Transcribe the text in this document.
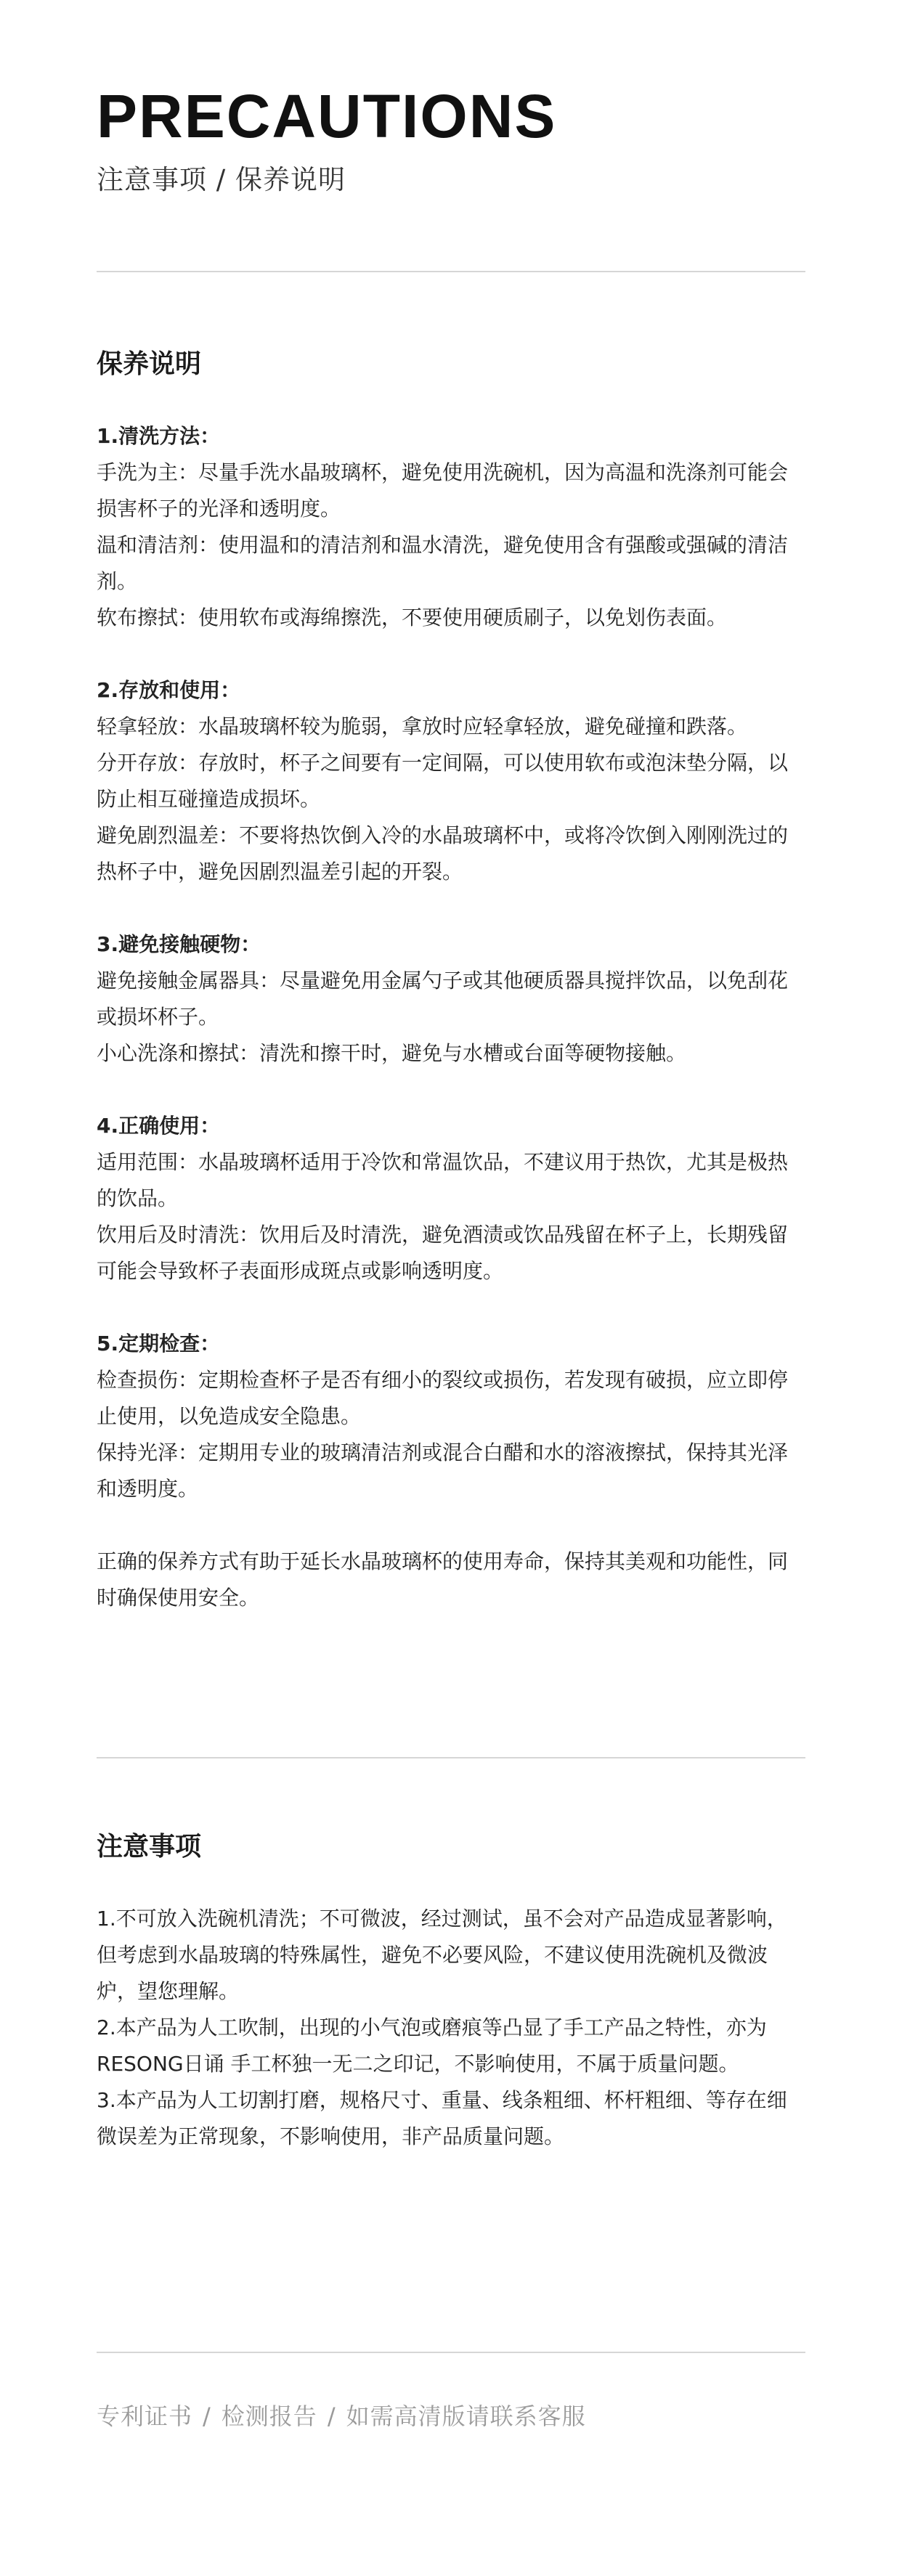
PRECAUTIONS
注意事项 / 保养说明
保养说明

1.清洗方法：

手洗为主：尽量手洗水晶玻璃杯，避免使用洗碗机，因为高温和洗涤剂可能会损害杯子的光泽和透明度。

温和清洁剂：使用温和的清洁剂和温水清洗，避免使用含有强酸或强碱的清洁剂。

软布擦拭：使用软布或海绵擦洗，不要使用硬质刷子，以免划伤表面。

2.存放和使用：

轻拿轻放：水晶玻璃杯较为脆弱，拿放时应轻拿轻放，避免碰撞和跌落。

分开存放：存放时，杯子之间要有一定间隔，可以使用软布或泡沫垫分隔，以防止相互碰撞造成损坏。

避免剧烈温差：不要将热饮倒入冷的水晶玻璃杯中，或将冷饮倒入刚刚洗过的热杯子中，避免因剧烈温差引起的开裂。

3.避免接触硬物：

避免接触金属器具：尽量避免用金属勺子或其他硬质器具搅拌饮品，以免刮花或损坏杯子。

小心洗涤和擦拭：清洗和擦干时，避免与水槽或台面等硬物接触。

4.正确使用：

适用范围：水晶玻璃杯适用于冷饮和常温饮品，不建议用于热饮，尤其是极热的饮品。

饮用后及时清洗：饮用后及时清洗，避免酒渍或饮品残留在杯子上，长期残留可能会导致杯子表面形成斑点或影响透明度。

5.定期检查：

检查损伤：定期检查杯子是否有细小的裂纹或损伤，若发现有破损，应立即停止使用，以免造成安全隐患。

保持光泽：定期用专业的玻璃清洁剂或混合白醋和水的溶液擦拭，保持其光泽和透明度。

正确的保养方式有助于延长水晶玻璃杯的使用寿命，保持其美观和功能性，同时确保使用安全。

注意事项

1.不可放入洗碗机清洗；不可微波，经过测试，虽不会对产品造成显著影响，但考虑到水晶玻璃的特殊属性，避免不必要风险，不建议使用洗碗机及微波炉，望您理解。

2.本产品为人工吹制，出现的小气泡或磨痕等凸显了手工产品之特性，亦为RESONG日诵 手工杯独一无二之印记，不影响使用，不属于质量问题。

3.本产品为人工切割打磨，规格尺寸、重量、线条粗细、杯杆粗细、等存在细微误差为正常现象，不影响使用，非产品质量问题。

专利证书 / 检测报告 / 如需高清版请联系客服
